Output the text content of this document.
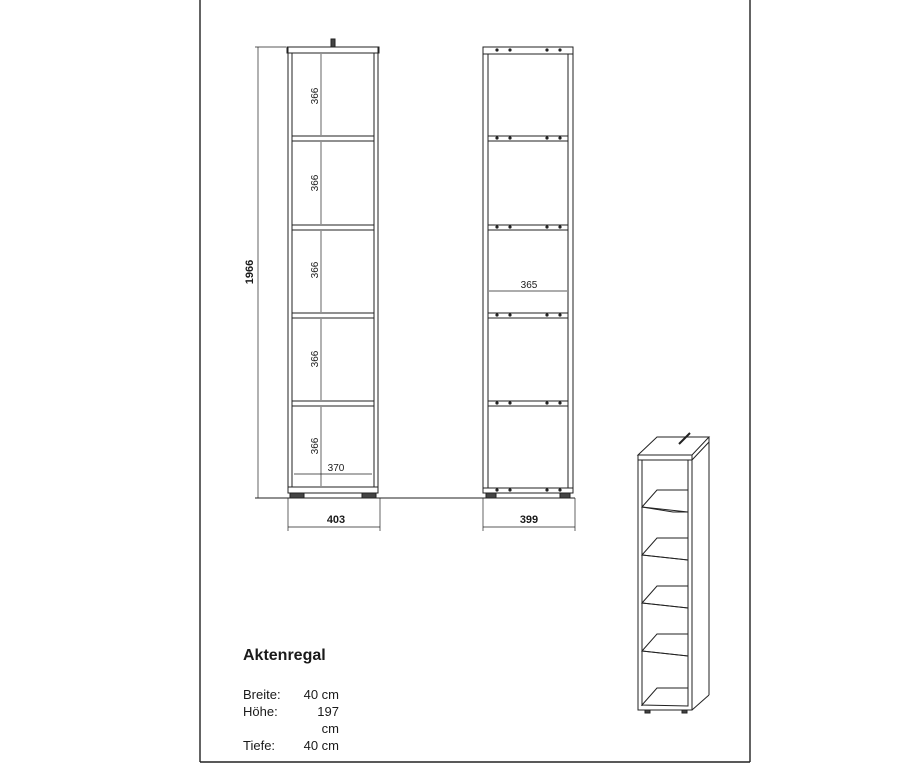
366
366
366
366
366
370
1966
403
365
399
Aktenregal
Breite:	40 cm
Höhe:	197 cm
Tiefe:	40 cm
